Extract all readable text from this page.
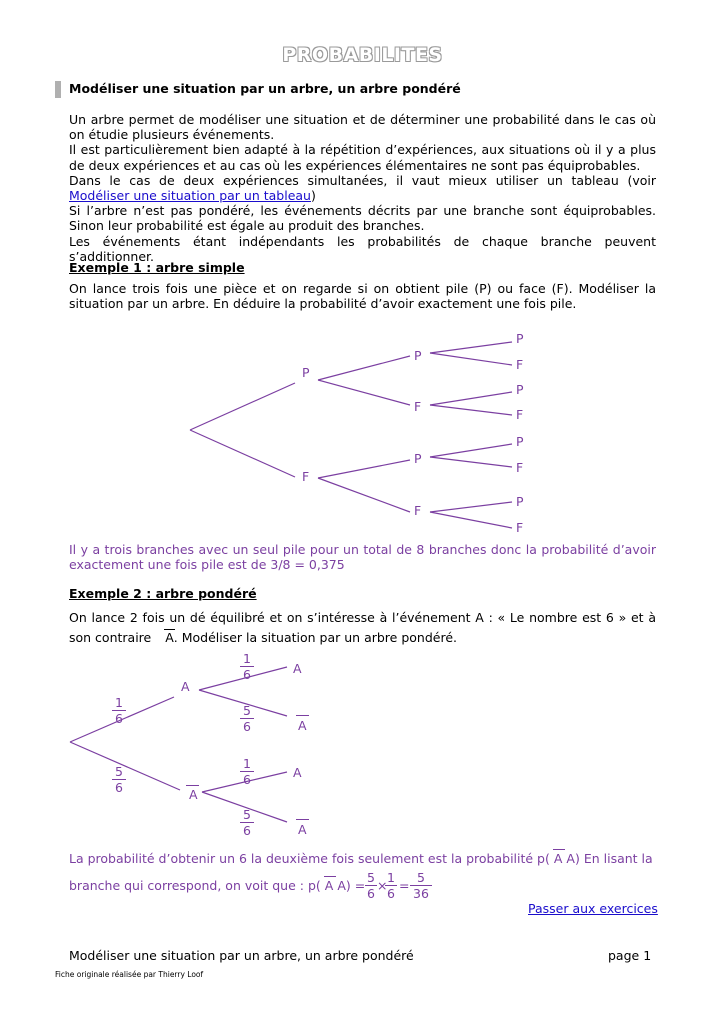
PROBABILITES
Modéliser une situation par un arbre, un arbre pondéré

Un arbre permet de modéliser une situation et de déterminer une probabilité dans le cas où on étudie plusieurs événements.

Il est particulièrement bien adapté à la répétition d’expériences, aux situations où il y a plus de deux expériences et au cas où les expériences élémentaires ne sont pas équiprobables.

Dans le cas de deux expériences simultanées, il vaut mieux utiliser un tableau (voir Modéliser une situation par un tableau)

Si l’arbre n’est pas pondéré, les événements décrits par une branche sont équiprobables. Sinon leur probabilité est égale au produit des branches.

Les événements étant indépendants les probabilités de chaque branche peuvent s’additionner.

Exemple 1 : arbre simple
On lance trois fois une pièce et on regarde si on obtient pile (P) ou face (F). Modéliser la situation par un arbre. En déduire la probabilité d’avoir exactement une fois pile.
P
F
P
F
P
F
P
F
P
F
P
F
P
F
Il y a trois branches avec un seul pile pour un total de 8 branches donc la probabilité d’avoir exactement une fois pile est de 3/8 = 0,375
Exemple 2 : arbre pondéré
On lance 2 fois un dé équilibré et on s’intéresse à l’événement A : « Le nombre est 6 » et à son contraire A. Modéliser la situation par un arbre pondéré.
A
A
A
A
A
A
$\frac{1}{6}$
$\frac{5}{6}$
$\frac{1}{6}$
$\frac{5}{6}$
$\frac{1}{6}$
$\frac{5}{6}$
La probabilité d’obtenir un 6 la deuxième fois seulement est la probabilité p( A A) En lisant la
branche qui correspond, on voit que : p( A $A) = \frac{5}{6}$ ×
$\frac{1}{6} = \frac{5}{36}$
Passer aux exercices
Modéliser une situation par un arbre, un arbre pondéré	page 1
Fiche originale réalisée par Thierry Loof
